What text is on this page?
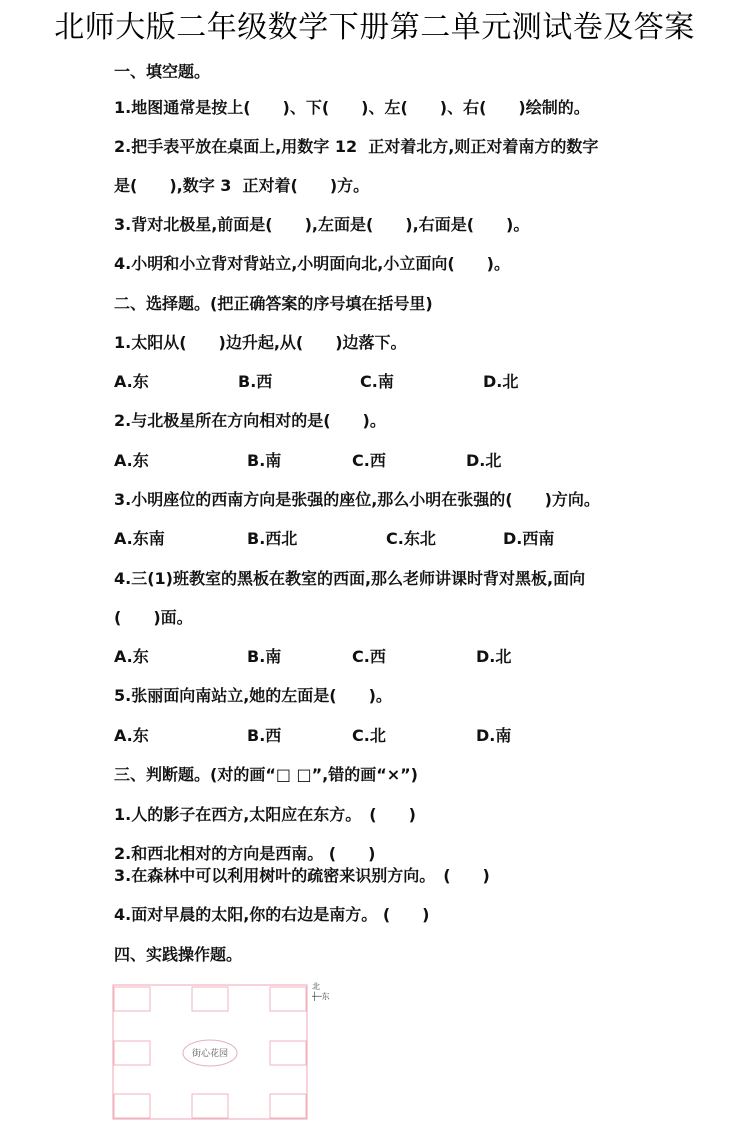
北师大版二年级数学下册第二单元测试卷及答案
一、填空题。
1.地图通常是按上(　　)、下(　　)、左(　　)、右(　　)绘制的。
2.把手表平放在桌面上,用数字 12  正对着北方,则正对着南方的数字
是(　　),数字 3  正对着(　　)方。
3.背对北极星,前面是(　　),左面是(　　),右面是(　　)。
4.小明和小立背对背站立,小明面向北,小立面向(　　)。
二、选择题。(把正确答案的序号填在括号里)
1.太阳从(　　)边升起,从(　　)边落下。
A.东	B.西	C.南	D.北
2.与北极星所在方向相对的是(　　)。
A.东	B.南	C.西	D.北
3.小明座位的西南方向是张强的座位,那么小明在张强的(　　)方向。
A.东南	B.西北	C.东北	D.西南
4.三(1)班教室的黑板在教室的西面,那么老师讲课时背对黑板,面向
(　　)面。
A.东	B.南	C.西	D.北
5.张丽面向南站立,她的左面是(　　)。
A.东	B.西	C.北	D.南
三、判断题。(对的画“□ □”,错的画“×”)
1.人的影子在西方,太阳应在东方。　(　　)
2.和西北相对的方向是西南。 (　　)
3.在森林中可以利用树叶的疏密来识别方向。　(　　)
4.面对早晨的太阳,你的右边是南方。 (　　)
四、实践操作题。
街心花园
北
┼─东
